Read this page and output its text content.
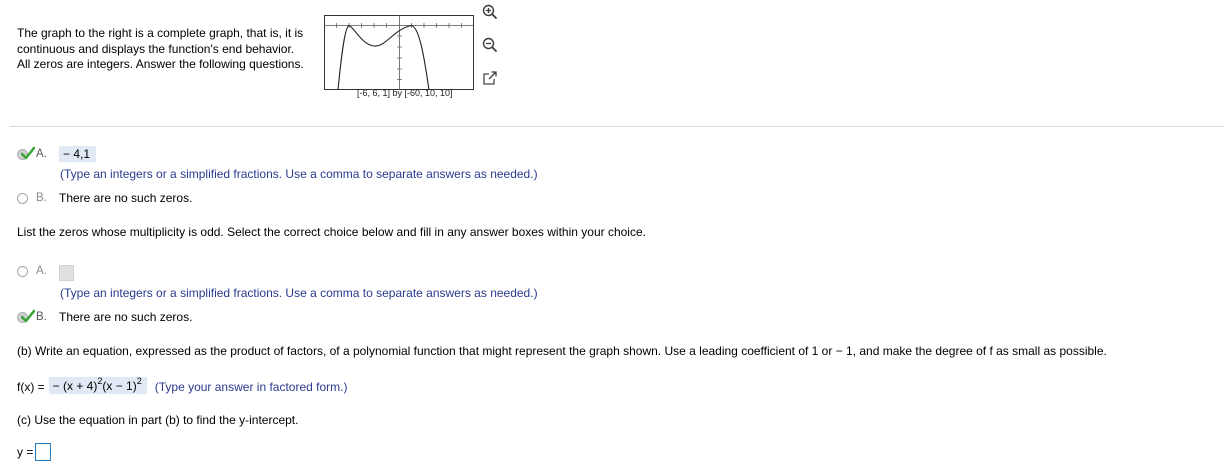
The graph to the right is a complete graph, that is, it is continuous and displays the function's end behavior. All zeros are integers. Answer the following questions.
[-6, 6, 1] by [-60, 10, 10]
A.	− 4,1
(Type an integers or a simplified fractions. Use a comma to separate answers as needed.)
B.	There are no such zeros.
List the zeros whose multiplicity is odd. Select the correct choice below and fill in any answer boxes within your choice.
A.
(Type an integers or a simplified fractions. Use a comma to separate answers as needed.)
B.	There are no such zeros.
(b) Write an equation, expressed as the product of factors, of a polynomial function that might represent the graph shown. Use a leading coefficient of 1 or − 1, and make the degree of f as small as possible.
f(x) = − $(x + 4)^2(x - 1)^2$	(Type your answer in factored form.)
(c) Use the equation in part (b) to find the y-intercept.
y =
